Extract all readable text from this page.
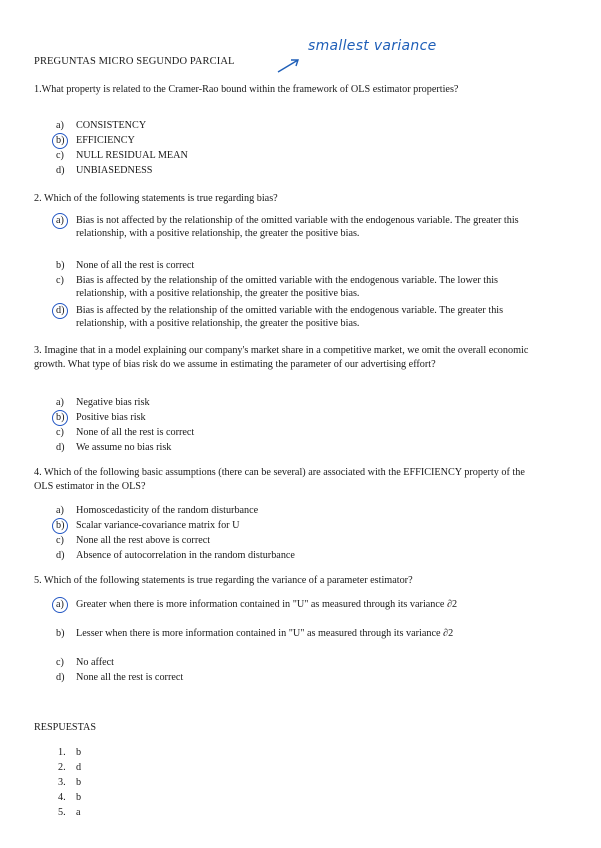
PREGUNTAS MICRO SEGUNDO PARCIAL
smallest variance
1.What property is related to the Cramer-Rao bound within the framework of OLS estimator properties?
a)	CONSISTENCY
b)	EFFICIENCY
c)	NULL RESIDUAL MEAN
d)	UNBIASEDNESS
2. Which of the following statements is true regarding bias?
a)	Bias is not affected by the relationship of the omitted variable with the endogenous variable. The greater this relationship, with a positive relationship, the greater the positive bias.
b)	None of all the rest is correct
c)	Bias is affected by the relationship of the omitted variable with the endogenous variable. The lower this relationship, with a positive relationship, the greater the positive bias.
d)	Bias is affected by the relationship of the omitted variable with the endogenous variable. The greater this relationship, with a positive relationship, the greater the positive bias.
3. Imagine that in a model explaining our company's market share in a competitive market, we omit the overall economic growth. What type of bias risk do we assume in estimating the parameter of our advertising effort?
a)	Negative bias risk
b)	Positive bias risk
c)	None of all the rest is correct
d)	We assume no bias risk
4. Which of the following basic assumptions (there can be several) are associated with the EFFICIENCY property of the OLS estimator in the OLS?
a)	Homoscedasticity of the random disturbance
b)	Scalar variance-covariance matrix for U
c)	None all the rest above is correct
d)	Absence of autocorrelation in the random disturbance
5. Which of the following statements is true regarding the variance of a parameter estimator?
a)	Greater when there is more information contained in "U" as measured through its variance ∂2
b)	Lesser when there is more information contained in "U" as measured through its variance ∂2
c)	No affect
d)	None all the rest is correct
RESPUESTAS
1. b
2. d
3. b
4. b
5. a
